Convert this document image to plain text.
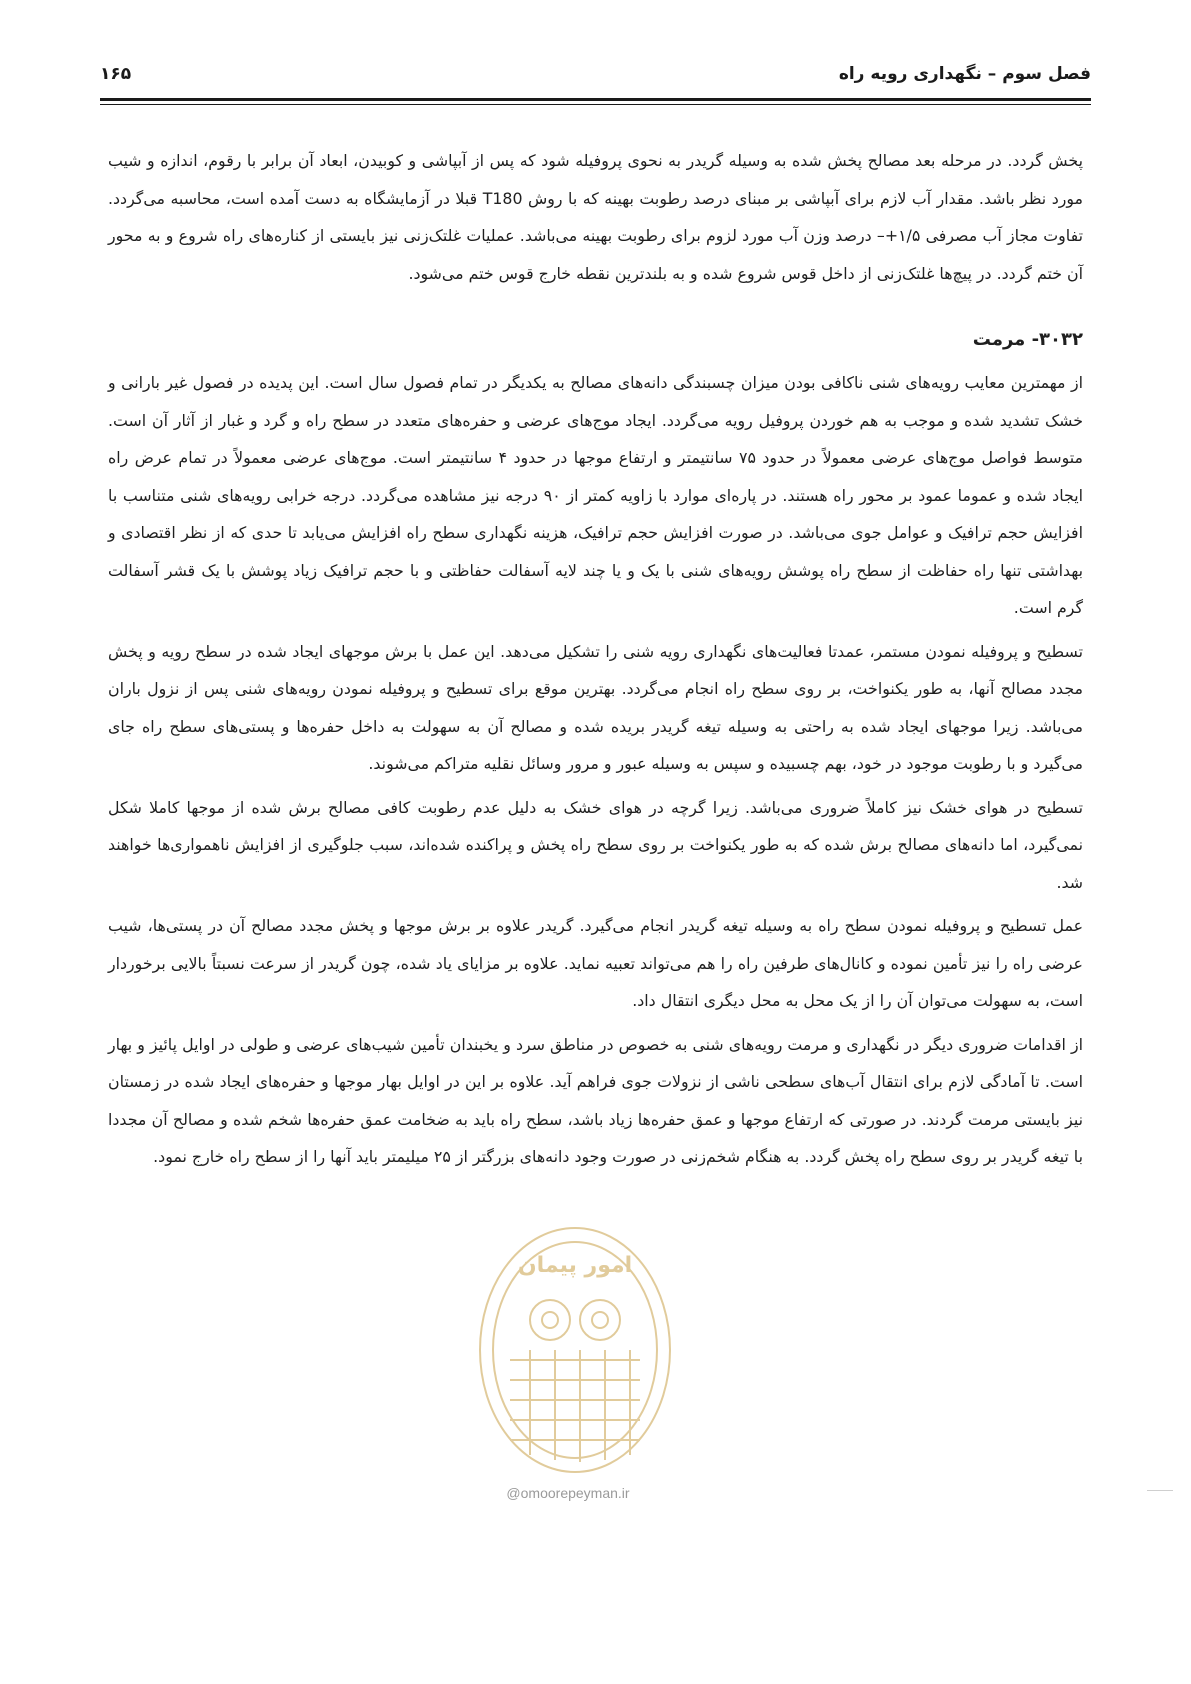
فصل سوم – نگهداری رویه راه
۱۶۵

پخش گردد. در مرحله بعد مصالح پخش شده به وسیله گریدر به نحوی پروفیله شود که پس از آبپاشی و کوبیدن، ابعاد آن برابر با رقوم، اندازه و شیب مورد نظر باشد. مقدار آب لازم برای آبپاشی بر مبنای درصد رطوبت بهینه که با روش T180 قبلا در آزمایشگاه به دست آمده است، محاسبه می‌گردد. تفاوت مجاز آب مصرفی ۱/۵+– درصد وزن آب مورد لزوم برای رطوبت بهینه می‌باشد. عملیات غلتک‌زنی نیز بایستی از کناره‌های راه شروع و به محور آن ختم گردد. در پیچ‌ها غلتک‌زنی از داخل قوس شروع شده و به بلندترین نقطه خارج قوس ختم می‌شود.

۳۰۳۲- مرمت

از مهمترین معایب رویه‌های شنی ناکافی بودن میزان چسبندگی دانه‌های مصالح به یکدیگر در تمام فصول سال است. این پدیده در فصول غیر بارانی و خشک تشدید شده و موجب به هم خوردن پروفیل رویه می‌گردد. ایجاد موج‌های عرضی و حفره‌های متعدد در سطح راه و گرد و غبار از آثار آن است. متوسط فواصل موج‌های عرضی معمولاً در حدود ۷۵ سانتیمتر و ارتفاع موجها در حدود ۴ سانتیمتر است. موج‌های عرضی معمولاً در تمام عرض راه ایجاد شده و عموما عمود بر محور راه هستند. در پاره‌ای موارد با زاویه کمتر از ۹۰ درجه نیز مشاهده می‌گردد. درجه خرابی رویه‌های شنی متناسب با افزایش حجم ترافیک و عوامل جوی می‌باشد. در صورت افزایش حجم ترافیک، هزینه نگهداری سطح راه افزایش می‌یابد تا حدی که از نظر اقتصادی و بهداشتی تنها راه حفاظت از سطح راه پوشش رویه‌های شنی با یک و یا چند لایه آسفالت حفاظتی و با حجم ترافیک زیاد پوشش با یک قشر آسفالت گرم است.

تسطیح و پروفیله نمودن مستمر، عمدتا فعالیت‌های نگهداری رویه شنی را تشکیل می‌دهد. این عمل با برش موجهای ایجاد شده در سطح رویه و پخش مجدد مصالح آنها، به طور یکنواخت، بر روی سطح راه انجام می‌گردد. بهترین موقع برای تسطیح و پروفیله نمودن رویه‌های شنی پس از نزول باران می‌باشد. زیرا موجهای ایجاد شده به راحتی به وسیله تیغه گریدر بریده شده و مصالح آن به سهولت به داخل حفره‌ها و پستی‌های سطح راه جای می‌گیرد و با رطوبت موجود در خود، بهم چسبیده و سپس به وسیله عبور و مرور وسائل نقلیه متراکم می‌شوند.

تسطیح در هوای خشک نیز کاملاً ضروری می‌باشد. زیرا گرچه در هوای خشک به دلیل عدم رطوبت کافی مصالح برش شده از موجها کاملا شکل نمی‌گیرد، اما دانه‌های مصالح برش شده که به طور یکنواخت بر روی سطح راه پخش و پراکنده شده‌اند، سبب جلوگیری از افزایش ناهمواری‌ها خواهند شد.

عمل تسطیح و پروفیله نمودن سطح راه به وسیله تیغه گریدر انجام می‌گیرد. گریدر علاوه بر برش موجها و پخش مجدد مصالح آن در پستی‌ها، شیب عرضی راه را نیز تأمین نموده و کانال‌های طرفین راه را هم می‌تواند تعبیه نماید. علاوه بر مزایای یاد شده، چون گریدر از سرعت نسبتاً بالایی برخوردار است، به سهولت می‌توان آن را از یک محل به محل دیگری انتقال داد.

از اقدامات ضروری دیگر در نگهداری و مرمت رویه‌های شنی به خصوص در مناطق سرد و یخبندان تأمین شیب‌های عرضی و طولی در اوایل پائیز و بهار است. تا آمادگی لازم برای انتقال آب‌های سطحی ناشی از نزولات جوی فراهم آید. علاوه بر این در اوایل بهار موجها و حفره‌های ایجاد شده در زمستان نیز بایستی مرمت گردند. در صورتی که ارتفاع موجها و عمق حفره‌ها زیاد باشد، سطح راه باید به ضخامت عمق حفره‌ها شخم شده و مصالح آن مجددا با تیغه گریدر بر روی سطح راه پخش گردد. به هنگام شخم‌زنی در صورت وجود دانه‌های بزرگتر از ۲۵ میلیمتر باید آنها را از سطح راه خارج نمود.

امور پیمان
@omoorepeyman.ir
